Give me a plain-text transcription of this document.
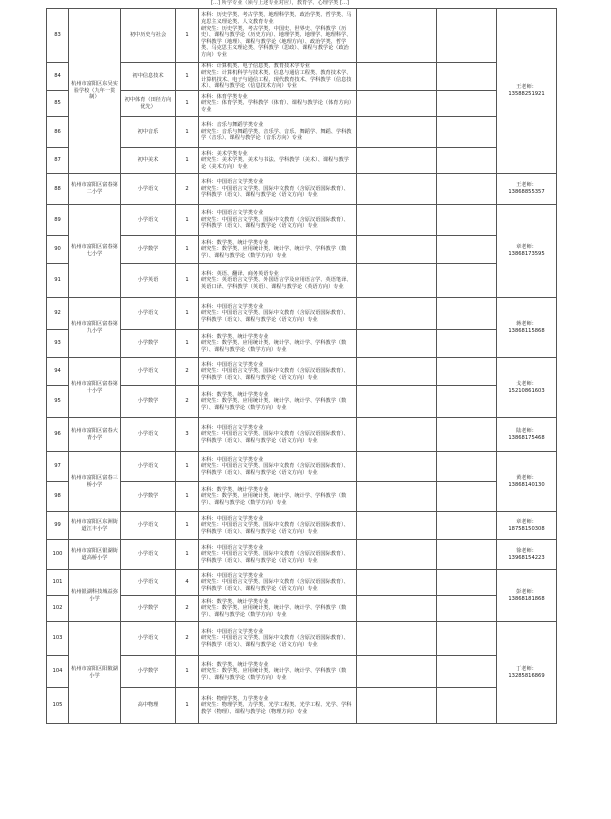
[...] 所学专业（须与上述专业对应），教育学、心理学类 [...]
83	杭州市富阳区东吴实验学校（九年一贯制）	初中历史与社会	1	本科：历史学类、考古学类、地理科学类、政治学类、哲学类、马克思主义理论类、人文教育专业
研究生：历史学类、考古学类、中国史、世界史、学科教学（历史）、课程与教学论（历史方向）、地理学类、地理学、地理科学、学科教学（地理）、课程与教学论（地理方向）、政治学类、哲学类、马克思主义理论类、学科教学（思政）、课程与教学论（政治方向）专业			王老师：13588251921
84		初中信息技术	1	本科：计算机类、电子信息类、教育技术学专业
研究生：计算机科学与技术类、信息与通信工程类、教育技术学、计算机技术、电子与通信工程、现代教育技术、学科教学（信息技术）、课程与教学论（信息技术方向）专业			

85		初中体育（田径方向优先）	1	本科：体育学类专业
研究生：体育学类、学科教学（体育）、课程与教学论（体育方向）专业			

86		初中音乐	1	本科：音乐与舞蹈学类专业
研究生：音乐与舞蹈学类、音乐学、音乐、舞蹈学、舞蹈、学科教学（音乐）、课程与教学论（音乐方向）专业			

87		初中美术	1	本科：美术学类专业
研究生：美术学类、美术与书法、学科教学（美术）、课程与教学论（美术方向）专业			

88	杭州市富阳区富春第二小学	小学语文	2	本科：中国语言文学类专业
研究生：中国语言文学类、国际中文教育（含原汉语国际教育）、学科教学（语文）、课程与教学论（语文方向）专业			王老师：13868855357
89	杭州市富阳区富春第七小学	小学语文	1	本科：中国语言文学类专业
研究生：中国语言文学类、国际中文教育（含原汉语国际教育）、学科教学（语文）、课程与教学论（语文方向）专业			章老师：13868173595
90		小学数学	1	本科：数学类、统计学类专业
研究生：数学类、应用统计类、统计学、统计学、学科教学（数学）、课程与教学论（数学方向）专业			

91		小学英语	1	本科：英语、翻译、商务英语专业
研究生：英语语言文学类、外国语言学及应用语言学、英语笔译、英语口译、学科教学（英语）、课程与教学论（英语方向）专业			

92	杭州市富阳区富春第九小学	小学语文	1	本科：中国语言文学类专业
研究生：中国语言文学类、国际中文教育（含原汉语国际教育）、学科教学（语文）、课程与教学论（语文方向）专业			蒋老师：13868115868
93		小学数学	1	本科：数学类、统计学类专业
研究生：数学类、应用统计类、统计学、统计学、学科教学（数学）、课程与教学论（数学方向）专业			

94	杭州市富阳区富春第十小学	小学语文	2	本科：中国语言文学类专业
研究生：中国语言文学类、国际中文教育（含原汉语国际教育）、学科教学（语文）、课程与教学论（语文方向）专业			戈老师：15210861603
95		小学数学	2	本科：数学类、统计学类专业
研究生：数学类、应用统计类、统计学、统计学、学科教学（数学）、课程与教学论（数学方向）专业			

96	杭州市富阳区富春大青小学	小学语文	3	本科：中国语言文学类专业
研究生：中国语言文学类、国际中文教育（含原汉语国际教育）、学科教学（语文）、课程与教学论（语文方向）专业			陆老师：13868175468
97	杭州市富阳区富春三桥小学	小学语文	1	本科：中国语言文学类专业
研究生：中国语言文学类、国际中文教育（含原汉语国际教育）、学科教学（语文）、课程与教学论（语文方向）专业			黄老师：13868140130
98		小学数学	1	本科：数学类、统计学类专业
研究生：数学类、应用统计类、统计学、统计学、学科教学（数学）、课程与教学论（数学方向）专业			

99	杭州市富阳区东洲街道江丰小学	小学语文	1	本科：中国语言文学类专业
研究生：中国语言文学类、国际中文教育（含原汉语国际教育）、学科教学（语文）、课程与教学论（语文方向）专业			章老师：18758150308
100	杭州市富阳区银湖街道高桥小学	小学语文	1	本科：中国语言文学类专业
研究生：中国语言文学类、国际中文教育（含原汉语国际教育）、学科教学（语文）、课程与教学论（语文方向）专业			徐老师：13968154223
101	杭州银湖科技城益弥小学	小学语文	4	本科：中国语言文学类专业
研究生：中国语言文学类、国际中文教育（含原汉语国际教育）、学科教学（语文）、课程与教学论（语文方向）专业			彭老师：13868181868
102		小学数学	2	本科：数学类、统计学类专业
研究生：数学类、应用统计类、统计学、统计学、学科教学（数学）、课程与教学论（数学方向）专业			

103	杭州市富阳区阳陂湖小学	小学语文	2	本科：中国语言文学类专业
研究生：中国语言文学类、国际中文教育（含原汉语国际教育）、学科教学（语文）、课程与教学论（语文方向）专业			丁老师：13285816869
104		小学数学	1	本科：数学类、统计学类专业
研究生：数学类、应用统计类、统计学、统计学、学科教学（数学）、课程与教学论（数学方向）专业			

105		高中物理	1	本科：物理学类、力学类专业
研究生：物理学类、力学类、光学工程类、光学工程、光学、学科教学（物理）、课程与教学论（物理方向）专业			
